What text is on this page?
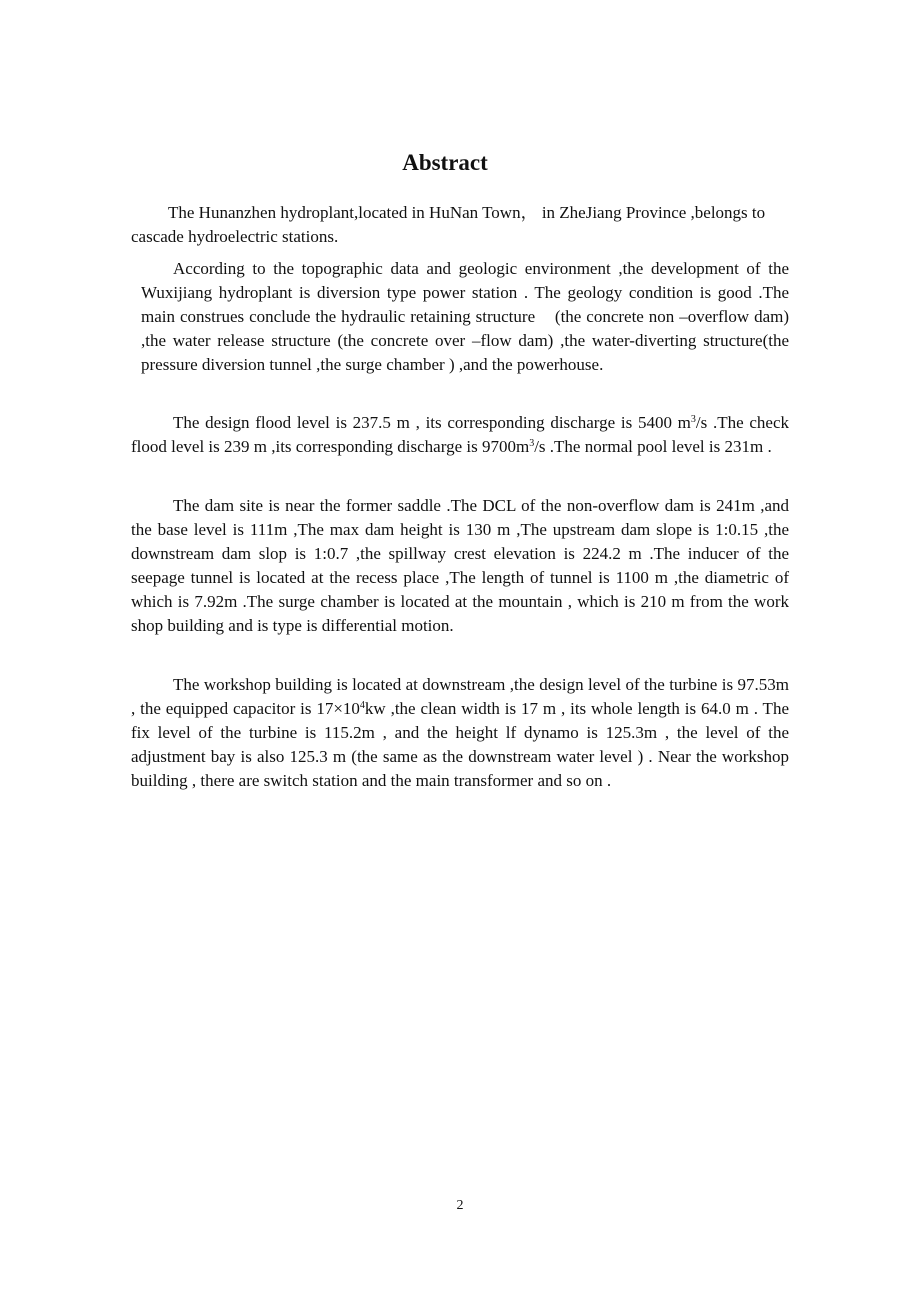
Abstract

The Hunanzhen hydroplant,located in HuNan Town， in ZheJiang Province ,belongs to cascade hydroelectric stations.

According to the topographic data and geologic environment ,the development of the Wuxijiang hydroplant is diversion type power station . The geology condition is good .The main construes conclude the hydraulic retaining structure    (the concrete non –overflow dam) ,the water release structure (the concrete over –flow dam) ,the water-diverting structure(the pressure diversion tunnel ,the surge chamber ) ,and the powerhouse.

The design flood level is 237.5 m , its corresponding discharge is 5400 $m^3/s$ .The check flood level is 239 m ,its corresponding discharge is $9700m^3/s$ .The normal pool level is 231m .

The dam site is near the former saddle .The DCL of the non-overflow dam is 241m ,and the base level is 111m ,The max dam height is 130 m ,The upstream dam slope is 1:0.15 ,the downstream dam slop is 1:0.7 ,the spillway crest elevation is 224.2 m .The inducer of the seepage tunnel is located at the recess place ,The length of tunnel is 1100 m ,the diametric of which is 7.92m .The surge chamber is located at the mountain , which is 210 m from the work shop building and is type is differential motion.

The workshop building is located at downstream ,the design level of the turbine is 97.53m , the equipped capacitor is $17\times 10^4kw$ ,the clean width is 17 m , its whole length is 64.0 m . The fix level of the turbine is 115.2m , and the height lf dynamo is 125.3m , the level of the adjustment bay is also 125.3 m (the same as the downstream water level ) . Near the workshop building , there are switch station and the main transformer and so on .

2
